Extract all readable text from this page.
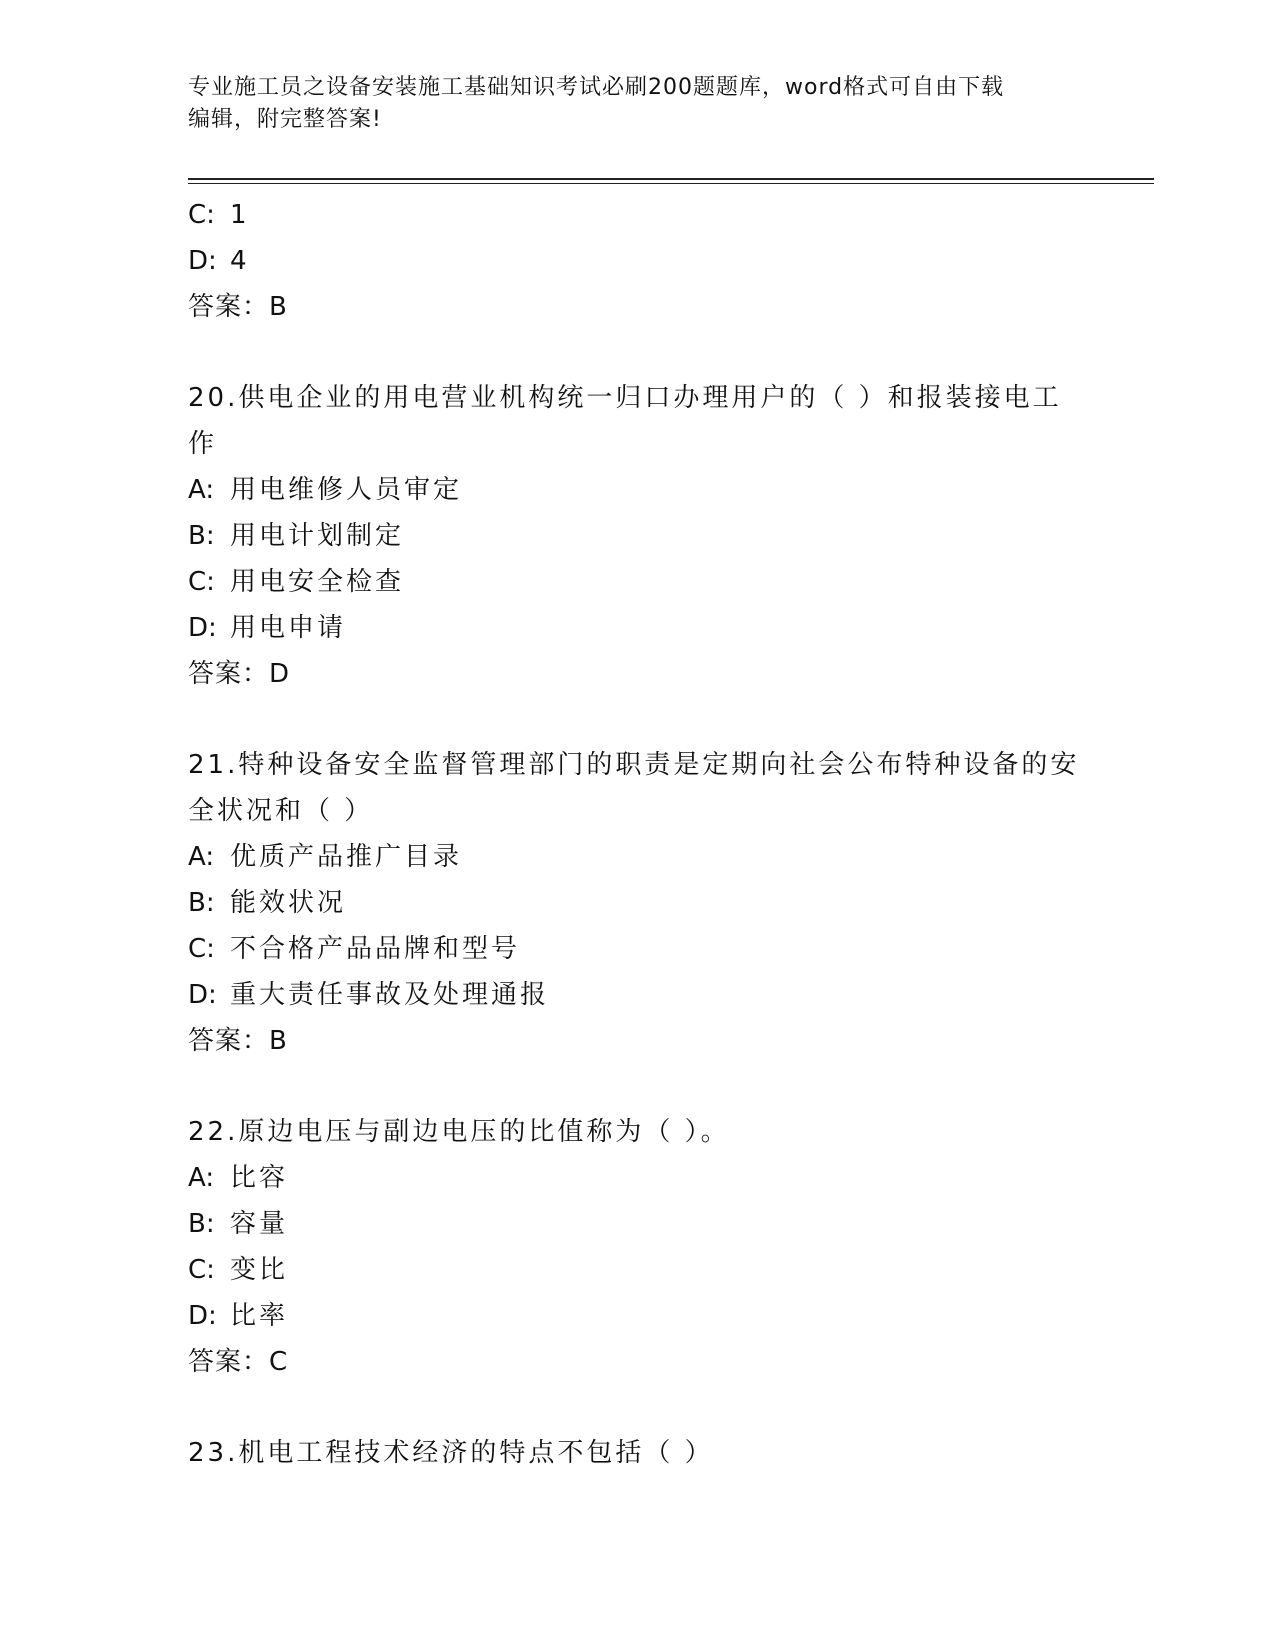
专业施工员之设备安装施工基础知识考试必刷200题题库，word格式可自由下载
编辑，附完整答案!
C: 1
D: 4
答案：B
20.供电企业的用电营业机构统一归口办理用户的（ ）和报装接电工
作
A: 用电维修人员审定
B: 用电计划制定
C: 用电安全检查
D: 用电申请
答案：D
21.特种设备安全监督管理部门的职责是定期向社会公布特种设备的安
全状况和（ ）
A: 优质产品推广目录
B: 能效状况
C: 不合格产品品牌和型号
D: 重大责任事故及处理通报
答案：B
22.原边电压与副边电压的比值称为（ ）。
A: 比容
B: 容量
C: 变比
D: 比率
答案：C
23.机电工程技术经济的特点不包括（ ）
